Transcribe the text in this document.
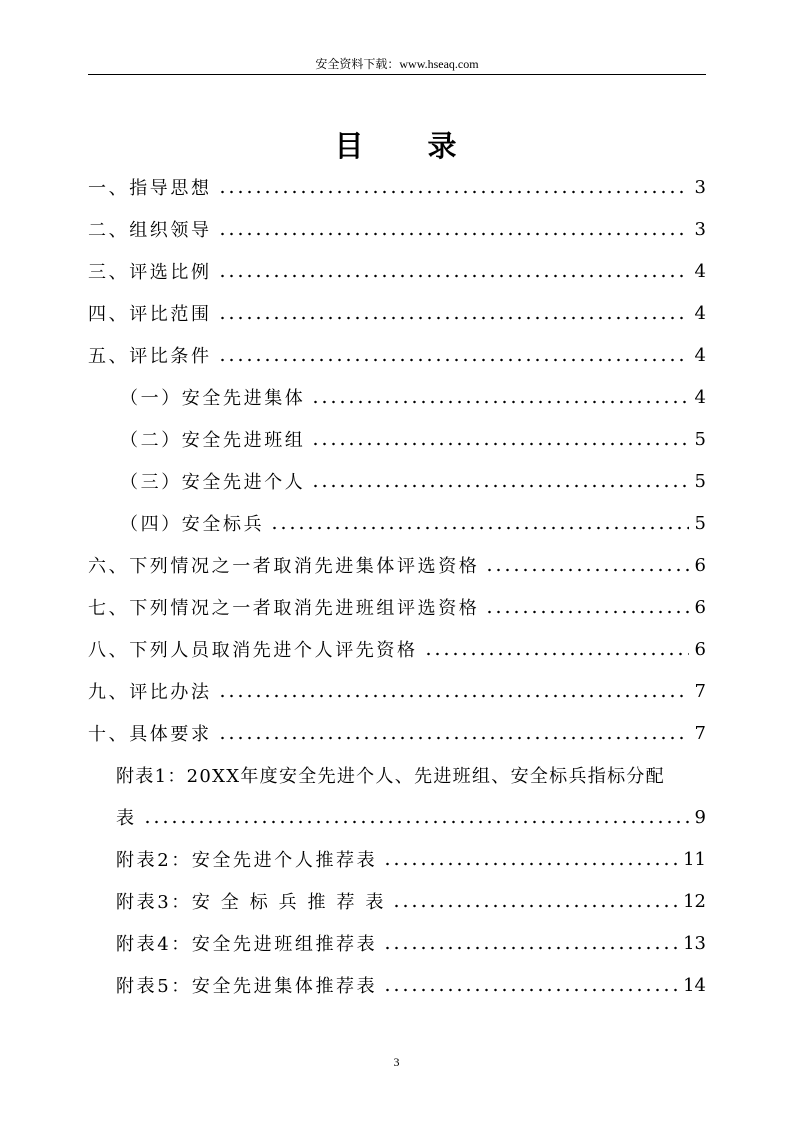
安全资料下载：www.hseaq.com
目　　录
一、指导思想	3
二、组织领导	3
三、评选比例	4
四、评比范围	4
五、评比条件	4
（一）安全先进集体	4
（二）安全先进班组	5
（三）安全先进个人	5
（四）安全标兵	5
六、下列情况之一者取消先进集体评选资格	6
七、下列情况之一者取消先进班组评选资格	6
八、下列人员取消先进个人评先资格	6
九、评比办法	7
十、具体要求	7
附表1：20XX年度安全先进个人、先进班组、安全标兵指标分配
表	9
附表2：安全先进个人推荐表	11
附表3：安 全 标 兵 推 荐 表	12
附表4：安全先进班组推荐表	13
附表5：安全先进集体推荐表	14
3
